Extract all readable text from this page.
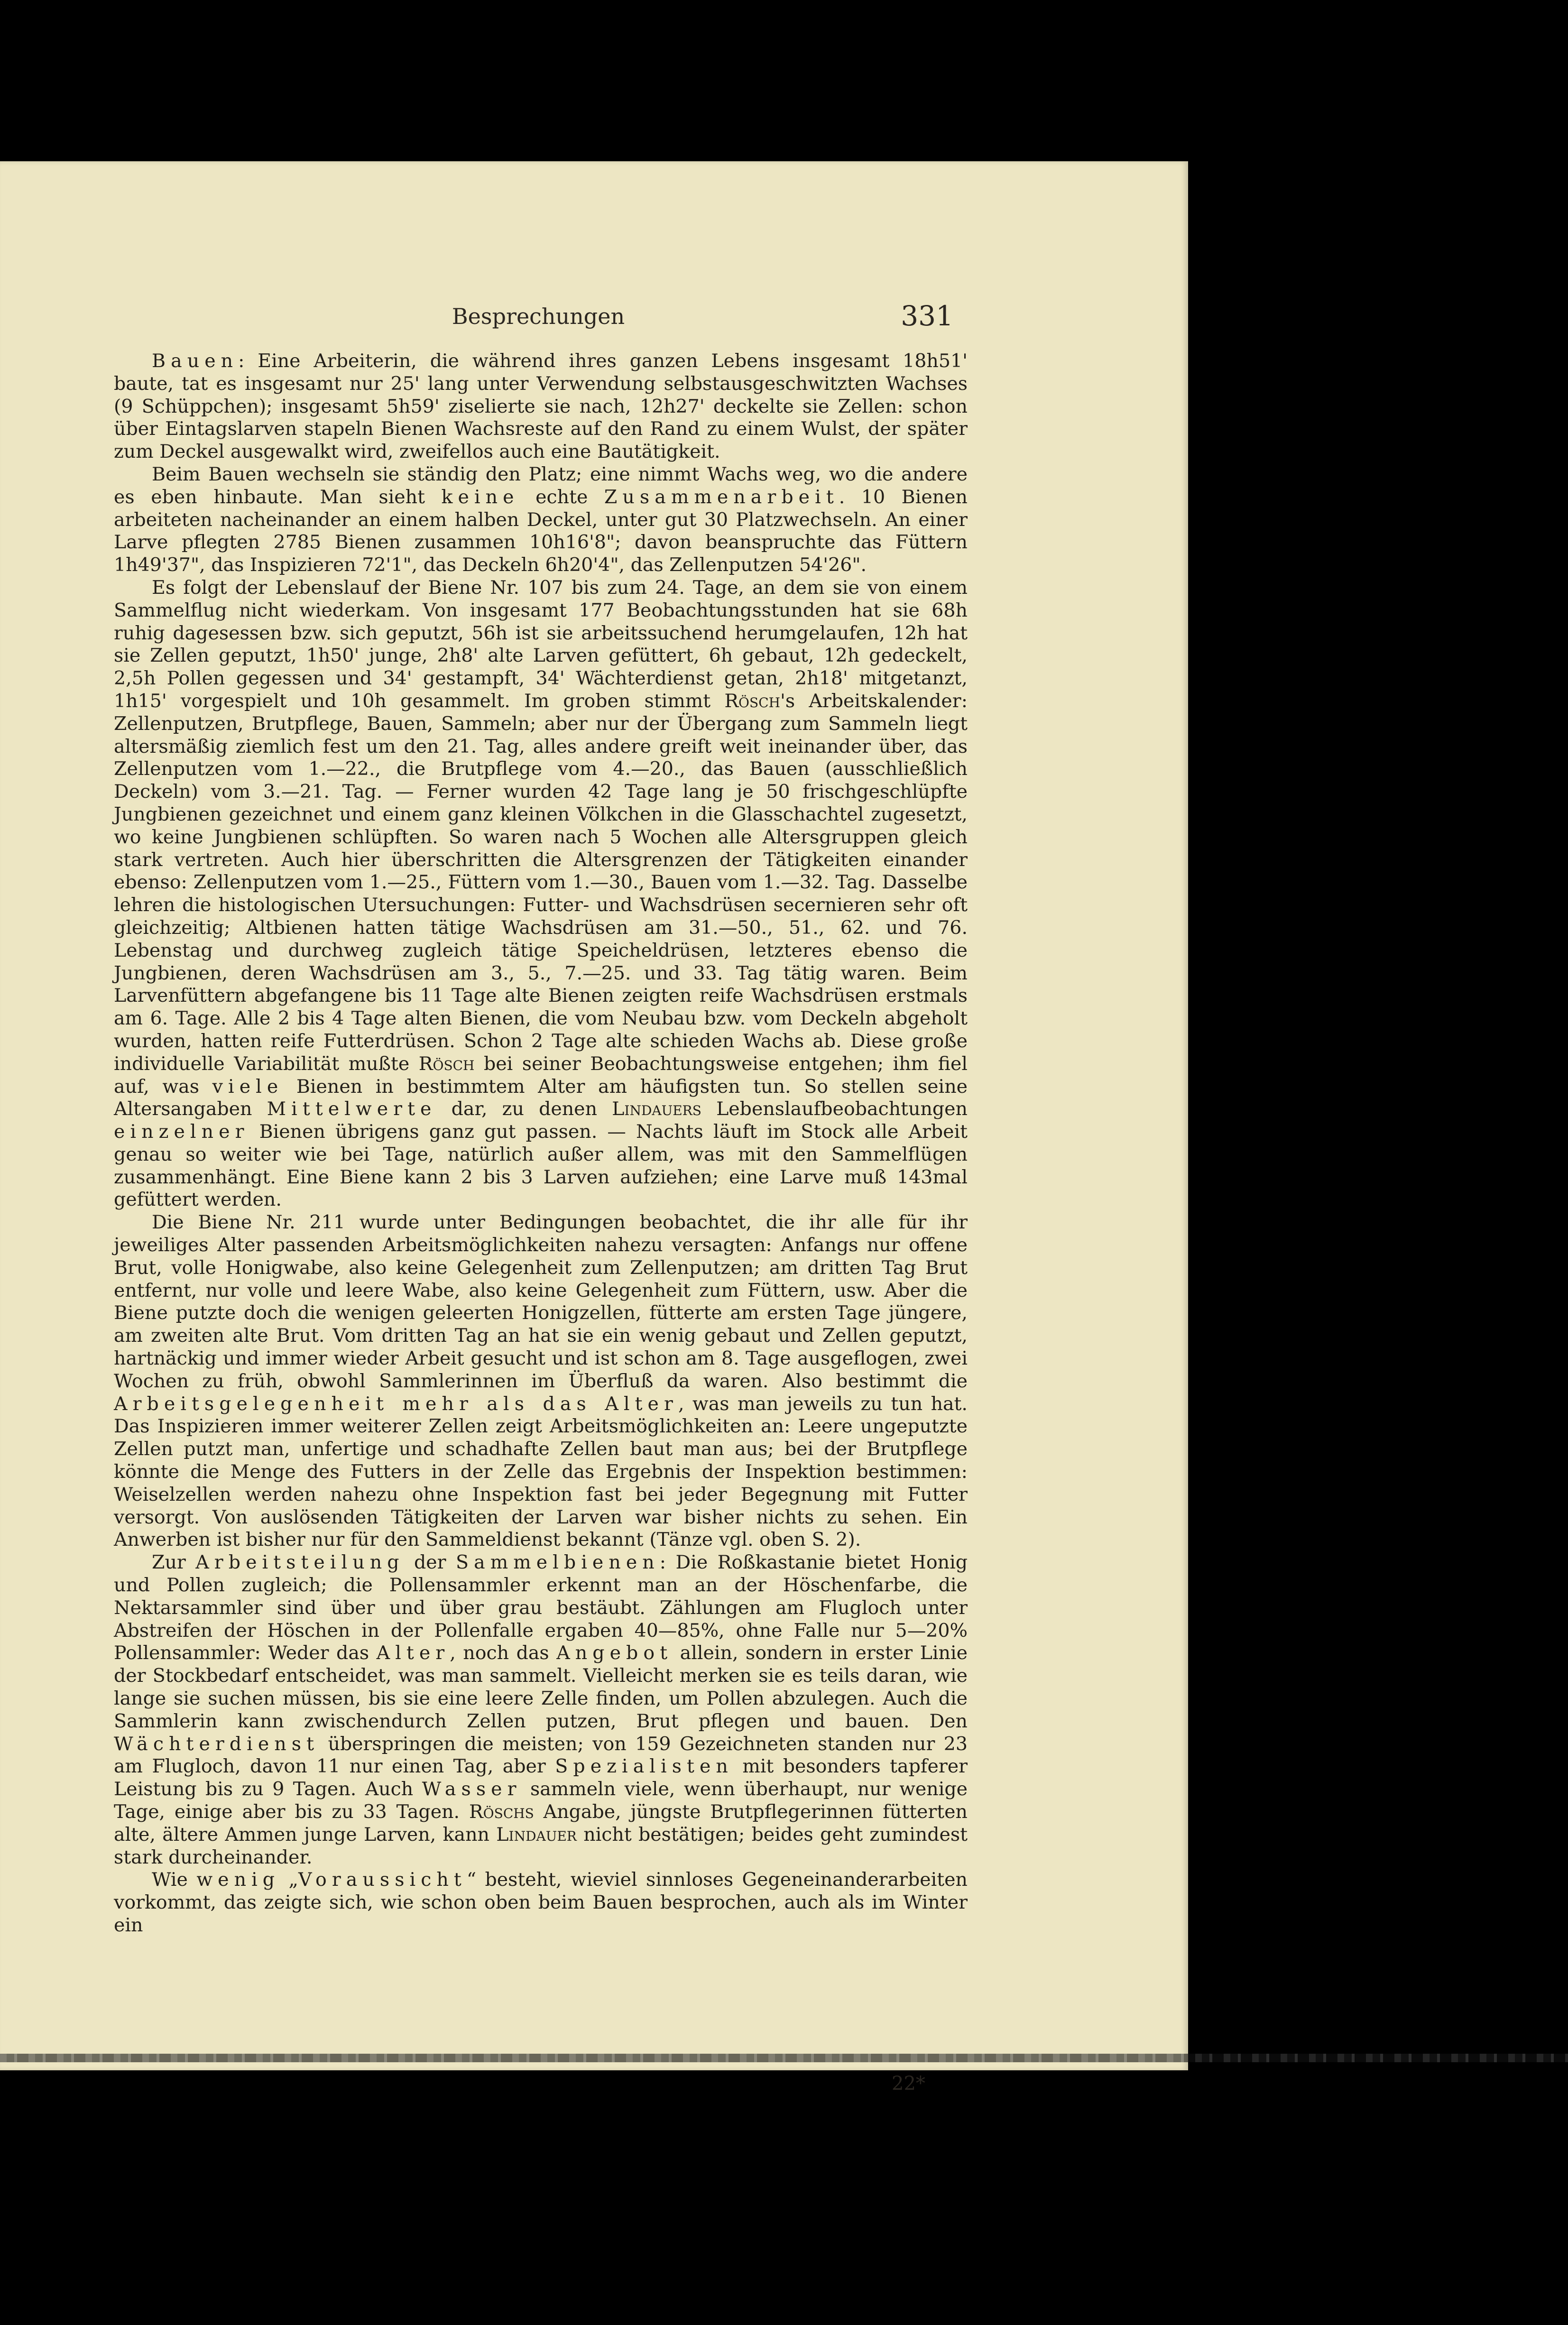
Besprechungen	331

Bauen: Eine Arbeiterin, die während ihres ganzen Lebens insgesamt 18h51' baute, tat es insgesamt nur 25' lang unter Verwendung selbstausgeschwitzten Wachses (9 Schüppchen); insgesamt 5h59' ziselierte sie nach, 12h27' deckelte sie Zellen: schon über Eintagslarven stapeln Bienen Wachsreste auf den Rand zu einem Wulst, der später zum Deckel ausgewalkt wird, zweifellos auch eine Bautätigkeit.

Beim Bauen wechseln sie ständig den Platz; eine nimmt Wachs weg, wo die andere es eben hinbaute. Man sieht keine echte Zusammenarbeit. 10 Bienen arbeiteten nacheinander an einem halben Deckel, unter gut 30 Platzwechseln. An einer Larve pflegten 2785 Bienen zusammen 10h16'8"; davon beanspruchte das Füttern 1h49'37", das Inspizieren 72'1", das Deckeln 6h20'4", das Zellenputzen 54'26".

Es folgt der Lebenslauf der Biene Nr. 107 bis zum 24. Tage, an dem sie von einem Sammelflug nicht wiederkam. Von insgesamt 177 Beobachtungsstunden hat sie 68h ruhig dagesessen bzw. sich geputzt, 56h ist sie arbeitssuchend herumgelaufen, 12h hat sie Zellen geputzt, 1h50' junge, 2h8' alte Larven gefüttert, 6h gebaut, 12h gedeckelt, 2,5h Pollen gegessen und 34' gestampft, 34' Wächterdienst getan, 2h18' mitgetanzt, 1h15' vorgespielt und 10h gesammelt. Im groben stimmt Rösch's Arbeitskalender: Zellenputzen, Brutpflege, Bauen, Sammeln; aber nur der Übergang zum Sammeln liegt altersmäßig ziemlich fest um den 21. Tag, alles andere greift weit ineinander über, das Zellenputzen vom 1.—22., die Brutpflege vom 4.—20., das Bauen (ausschließlich Deckeln) vom 3.—21. Tag. — Ferner wurden 42 Tage lang je 50 frischgeschlüpfte Jungbienen gezeichnet und einem ganz kleinen Völkchen in die Glasschachtel zugesetzt, wo keine Jungbienen schlüpften. So waren nach 5 Wochen alle Altersgruppen gleich stark vertreten. Auch hier überschritten die Altersgrenzen der Tätigkeiten einander ebenso: Zellenputzen vom 1.—25., Füttern vom 1.—30., Bauen vom 1.—32. Tag. Dasselbe lehren die histologischen Utersuchungen: Futter- und Wachsdrüsen secernieren sehr oft gleichzeitig; Altbienen hatten tätige Wachsdrüsen am 31.—50., 51., 62. und 76. Lebenstag und durchweg zugleich tätige Speicheldrüsen, letzteres ebenso die Jungbienen, deren Wachsdrüsen am 3., 5., 7.—25. und 33. Tag tätig waren. Beim Larvenfüttern abgefangene bis 11 Tage alte Bienen zeigten reife Wachsdrüsen erstmals am 6. Tage. Alle 2 bis 4 Tage alten Bienen, die vom Neubau bzw. vom Deckeln abgeholt wurden, hatten reife Futterdrüsen. Schon 2 Tage alte schieden Wachs ab. Diese große individuelle Variabilität mußte Rösch bei seiner Beobachtungsweise entgehen; ihm fiel auf, was viele Bienen in bestimmtem Alter am häufigsten tun. So stellen seine Altersangaben Mittelwerte dar, zu denen Lindauers Lebenslaufbeobachtungen einzelner Bienen übrigens ganz gut passen. — Nachts läuft im Stock alle Arbeit genau so weiter wie bei Tage, natürlich außer allem, was mit den Sammelflügen zusammenhängt. Eine Biene kann 2 bis 3 Larven aufziehen; eine Larve muß 143mal gefüttert werden.

Die Biene Nr. 211 wurde unter Bedingungen beobachtet, die ihr alle für ihr jeweiliges Alter passenden Arbeitsmöglichkeiten nahezu versagten: Anfangs nur offene Brut, volle Honigwabe, also keine Gelegenheit zum Zellenputzen; am dritten Tag Brut entfernt, nur volle und leere Wabe, also keine Gelegenheit zum Füttern, usw. Aber die Biene putzte doch die wenigen geleerten Honigzellen, fütterte am ersten Tage jüngere, am zweiten alte Brut. Vom dritten Tag an hat sie ein wenig gebaut und Zellen geputzt, hartnäckig und immer wieder Arbeit gesucht und ist schon am 8. Tage ausgeflogen, zwei Wochen zu früh, obwohl Sammlerinnen im Überfluß da waren. Also bestimmt die Arbeitsgelegenheit mehr als das Alter, was man jeweils zu tun hat. Das Inspizieren immer weiterer Zellen zeigt Arbeitsmöglichkeiten an: Leere ungeputzte Zellen putzt man, unfertige und schadhafte Zellen baut man aus; bei der Brutpflege könnte die Menge des Futters in der Zelle das Ergebnis der Inspektion bestimmen: Weiselzellen werden nahezu ohne Inspektion fast bei jeder Begegnung mit Futter versorgt. Von auslösenden Tätigkeiten der Larven war bisher nichts zu sehen. Ein Anwerben ist bisher nur für den Sammeldienst bekannt (Tänze vgl. oben S. 2).

Zur Arbeitsteilung der Sammelbienen: Die Roßkastanie bietet Honig und Pollen zugleich; die Pollensammler erkennt man an der Höschenfarbe, die Nektarsammler sind über und über grau bestäubt. Zählungen am Flugloch unter Abstreifen der Höschen in der Pollenfalle ergaben 40—85%, ohne Falle nur 5—20% Pollensammler: Weder das Alter, noch das Angebot allein, sondern in erster Linie der Stockbedarf entscheidet, was man sammelt. Vielleicht merken sie es teils daran, wie lange sie suchen müssen, bis sie eine leere Zelle finden, um Pollen abzulegen. Auch die Sammlerin kann zwischendurch Zellen putzen, Brut pflegen und bauen. Den Wächterdienst überspringen die meisten; von 159 Gezeichneten standen nur 23 am Flugloch, davon 11 nur einen Tag, aber Spezialisten mit besonders tapferer Leistung bis zu 9 Tagen. Auch Wasser sammeln viele, wenn überhaupt, nur wenige Tage, einige aber bis zu 33 Tagen. Röschs Angabe, jüngste Brutpflegerinnen fütterten alte, ältere Ammen junge Larven, kann Lindauer nicht bestätigen; beides geht zumindest stark durcheinander.

Wie wenig „Voraussicht“ besteht, wieviel sinnloses Gegeneinanderarbeiten vorkommt, das zeigte sich, wie schon oben beim Bauen besprochen, auch als im Winter ein

22*
